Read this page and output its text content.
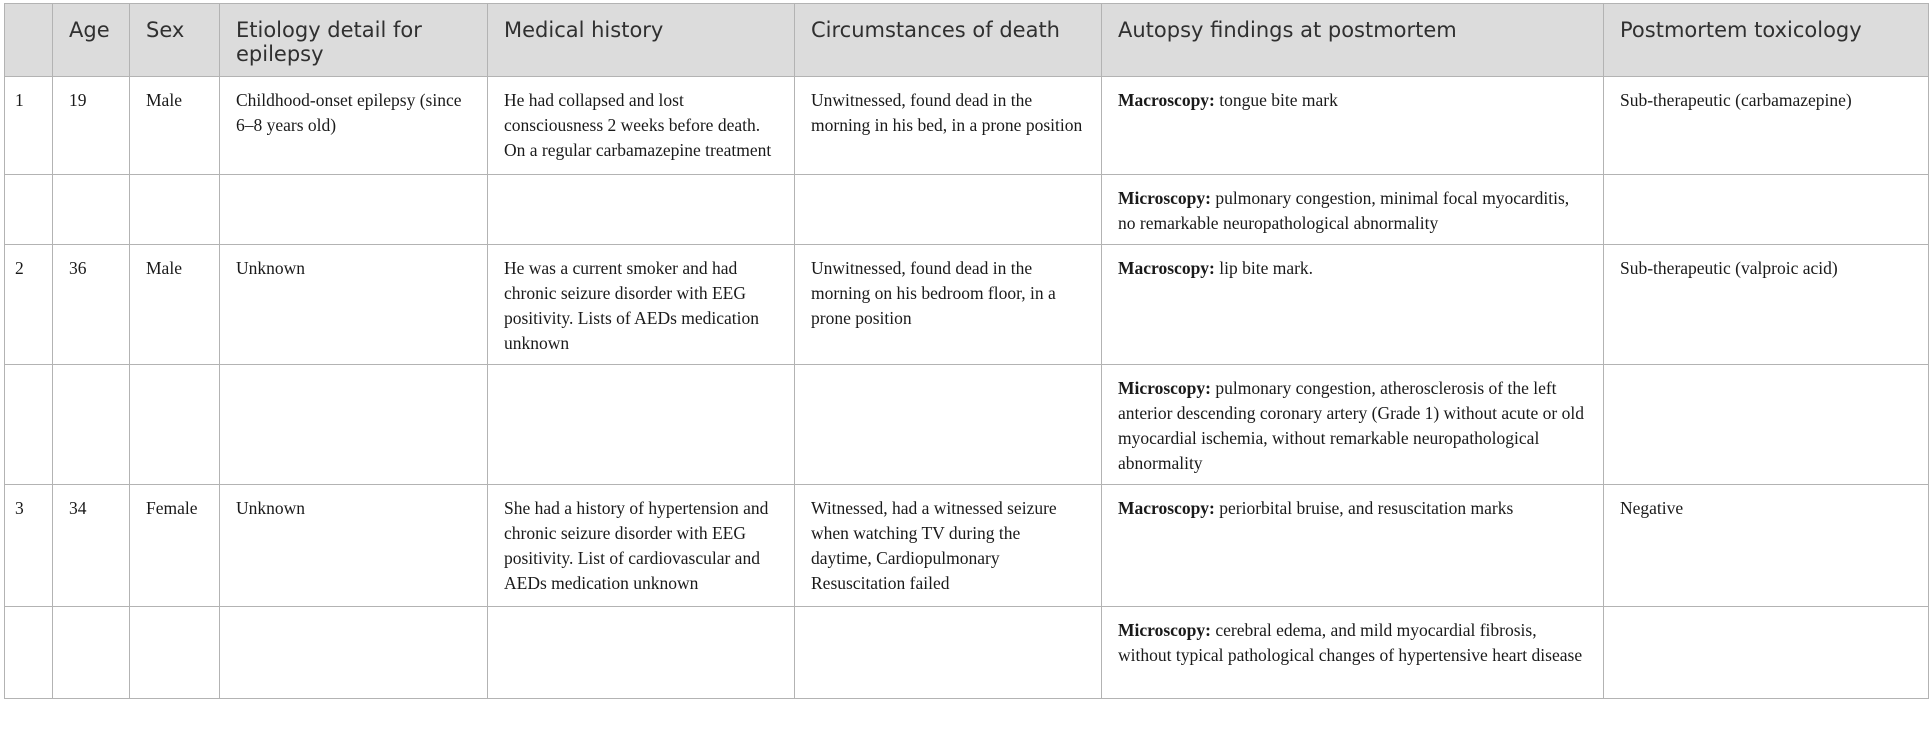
	Age	Sex	Etiology detail for epilepsy	Medical history	Circumstances of death	Autopsy findings at postmortem	Postmortem toxicology
1	19	Male	Childhood-onset epilepsy (since 6–8 years old)	He had collapsed and lost consciousness 2 weeks before death. On a regular carbamazepine treatment	Unwitnessed, found dead in the morning in his bed, in a prone position	Macroscopy: tongue bite mark	Sub-therapeutic (carbamazepine)
						Microscopy: pulmonary congestion, minimal focal myocarditis, no remarkable neuropathological abnormality	
2	36	Male	Unknown	He was a current smoker and had chronic seizure disorder with EEG positivity. Lists of AEDs medication unknown	Unwitnessed, found dead in the morning on his bedroom floor, in a prone position	Macroscopy: lip bite mark.	Sub-therapeutic (valproic acid)
						Microscopy: pulmonary congestion, atherosclerosis of the left anterior descending coronary artery (Grade 1) without acute or old myocardial ischemia, without remarkable neuropathological abnormality	
3	34	Female	Unknown	She had a history of hypertension and chronic seizure disorder with EEG positivity. List of cardiovascular and AEDs medication unknown	Witnessed, had a witnessed seizure when watching TV during the daytime, Cardiopulmonary Resuscitation failed	Macroscopy: periorbital bruise, and resuscitation marks	Negative
						Microscopy: cerebral edema, and mild myocardial fibrosis, without typical pathological changes of hypertensive heart disease	
